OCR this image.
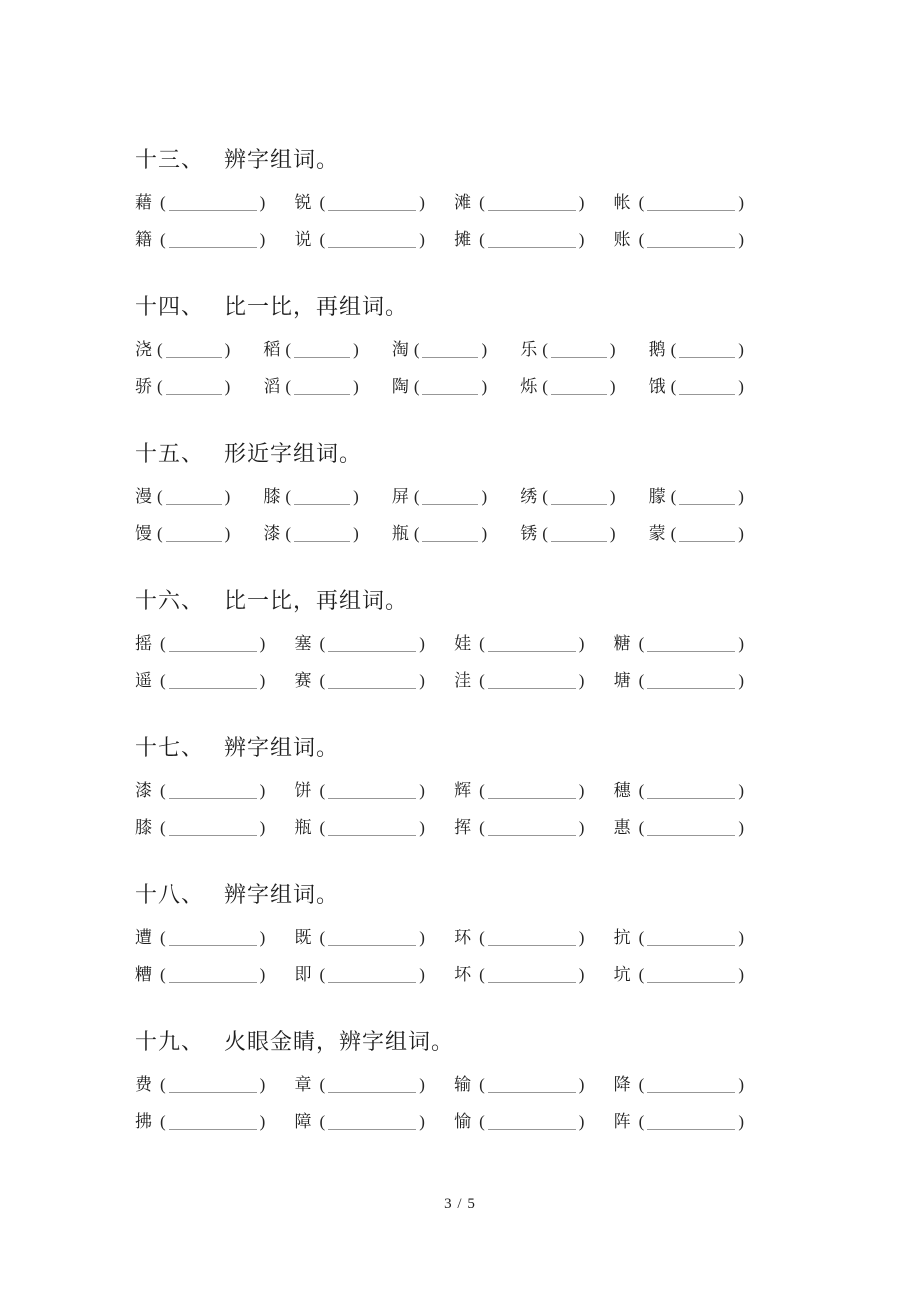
十三、 辨字组词。
藉 (	) 锐 (	) 滩 (	) 帐 (	)
籍 (	) 说 (	) 摊 (	) 账 (	)
十四、 比一比，再组词。
浇 (	) 稻 (	) 淘 (	) 乐 (	) 鹅 (	)
骄 (	) 滔 (	) 陶 (	) 烁 (	) 饿 (	)
十五、 形近字组词。
漫 (	) 膝 (	) 屏 (	) 绣 (	) 朦 (	)
馒 (	) 漆 (	) 瓶 (	) 锈 (	) 蒙 (	)
十六、 比一比，再组词。
摇 (	) 塞 (	) 娃 (	) 糖 (	)
遥 (	) 赛 (	) 洼 (	) 塘 (	)
十七、 辨字组词。
漆 (	) 饼 (	) 辉 (	) 穗 (	)
膝 (	) 瓶 (	) 挥 (	) 惠 (	)
十八、 辨字组词。
遭 (	) 既 (	) 环 (	) 抗 (	)
糟 (	) 即 (	) 坏 (	) 坑 (	)
十九、 火眼金睛，辨字组词。
费 (	) 章 (	) 输 (	) 降 (	)
拂 (	) 障 (	) 愉 (	) 阵 (	)
3 / 5
